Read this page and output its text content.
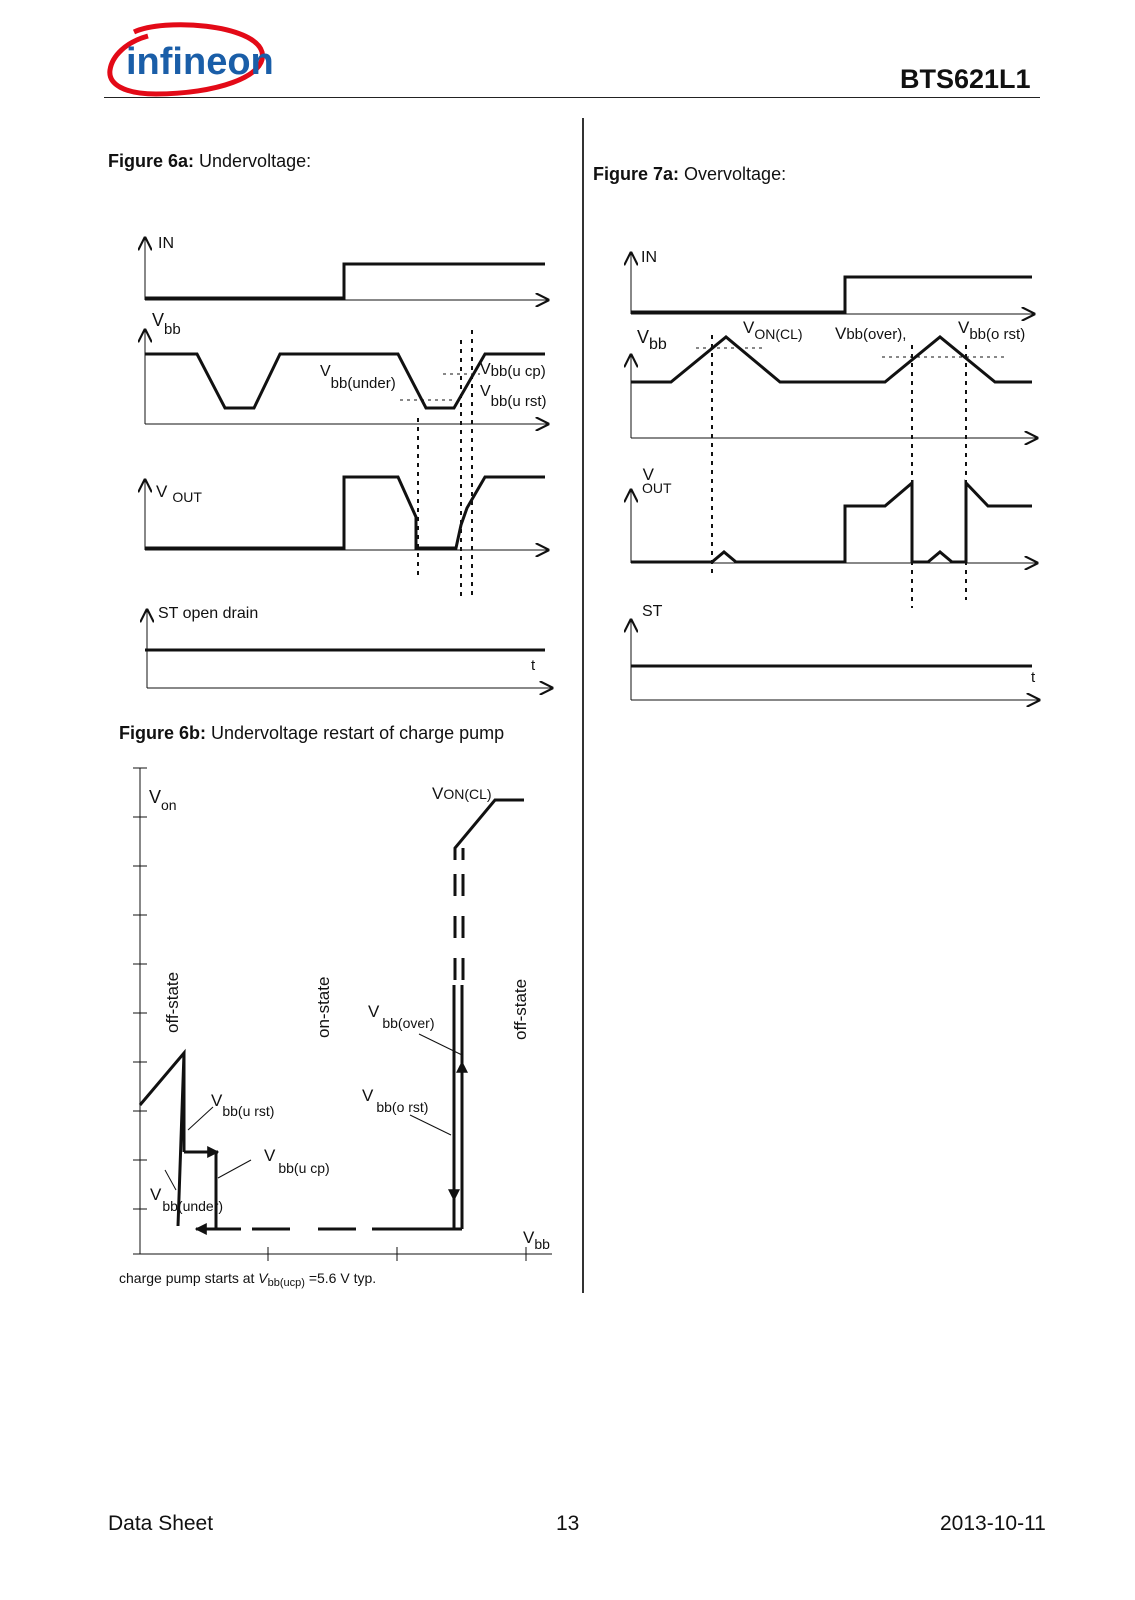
infineon	BTS621L1
Figure 6a: Undervoltage:
Figure 7a: Overvoltage:
Figure 6b: Undervoltage restart of charge pump
IN
$V_{bb}$
Vbb(under)
Vbb(u cp)
Vbb(u rst)
V $_{OUT}$
ST open drain
t
IN
Vbb
$V_{ON(CL)}$ Vbb(over),	Vbb(o rst)
V OUT
ST
t
$V_{on}$
VON(CL)
off-state	on-state	off-state
$V_{bb(over)}$
$V_{bb(o rst)}$
$V_{bb(u rst)}$
$V_{bb(u cp)}$
$V_{bb(under)}$
$V_{bb}$
charge pump starts at $V_{bb(ucp)} =5.6$ V typ.
Data Sheet	13	2013-10-11
